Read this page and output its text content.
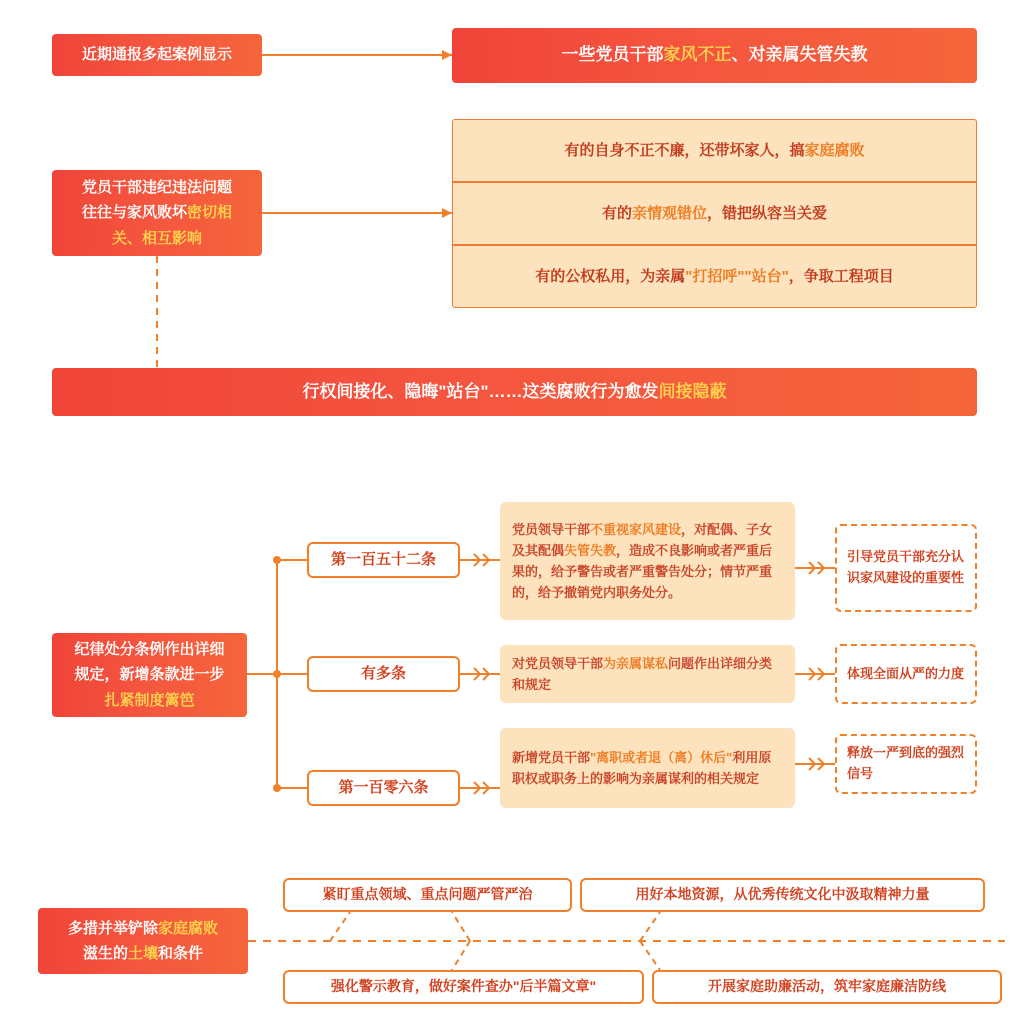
近期通报多起案例显示	一些党员干部家风不正、对亲属失管失教
党员干部违纪违法问题
往往与家风败坏密切相
关、相互影响
有的自身不正不廉，还带坏家人，搞家庭腐败
有的亲情观错位，错把纵容当关爱
有的公权私用，为亲属"打招呼""站台"，争取工程项目
行权间接化、隐晦"站台"……这类腐败行为愈发间接隐蔽
纪律处分条例作出详细
规定，新增条款进一步
扎紧制度篱笆
第一百五十二条
有多条
第一百零六条
党员领导干部不重视家风建设，对配偶、子女及其配偶失管失教，造成不良影响或者严重后果的，给予警告或者严重警告处分；情节严重的，给予撤销党内职务处分。
对党员领导干部为亲属谋私问题作出详细分类和规定
新增党员干部"离职或者退（离）休后"利用原职权或职务上的影响为亲属谋利的相关规定
引导党员干部充分认识家风建设的重要性
体现全面从严的力度
释放一严到底的强烈信号
多措并举铲除家庭腐败
滋生的土壤和条件
紧盯重点领域、重点问题严管严治	用好本地资源，从优秀传统文化中汲取精神力量
强化警示教育，做好案件查办"后半篇文章"	开展家庭助廉活动，筑牢家庭廉洁防线
